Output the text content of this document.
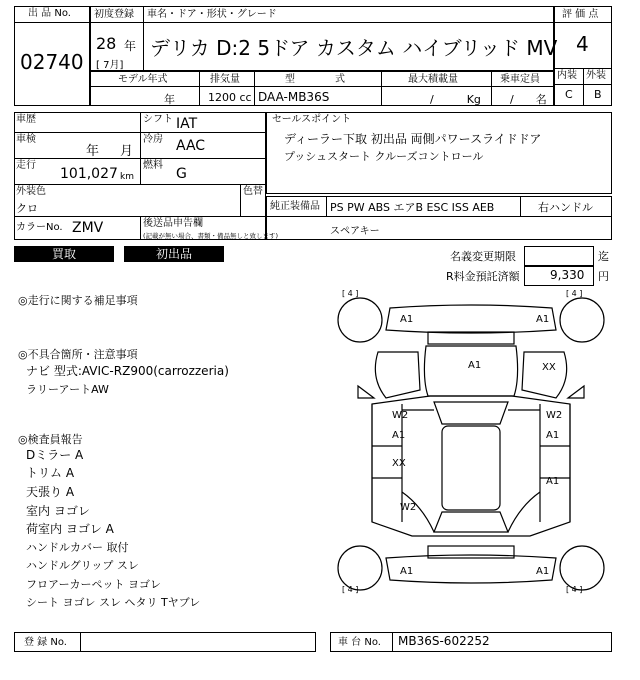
出 品 No.
02740
初度登録 車名・ドア・形状・グレード
28 年
[ 7月]
デリカ D:2 5ドア カスタム ハイブリッド MV
評 価 点
4
内装 外装
C B
モデル年式	排気量	型　　　　式	最大積載量	乗車定員
年	1200 cc DAA-MB36S	/　　　Kg	/　　名
車歴
車検
年 月
走行
101,027 km
シフト IAT
冷房 AAC
燃料
G
外装色
クロ
色替
カラーNo. ZMV	後送品申告欄
(記載が無い場合、書類・備品無しと致します)
セールスポイント
ディーラー下取 初出品 両側パワースライドドア
プッシュスタート クルーズコントロール
純正装備品 PS PW ABS エアB ESC ISS AEB	右ハンドル
スペアキー
買取	初出品	名義変更期限	迄
R料金預託済額	9,330 円
◎走行に関する補足事項
◎不具合箇所・注意事項
ナビ 型式:AVIC-RZ900(carrozzeria)
ラリーアートAW
◎検査員報告
Dミラー A
トリム A
天張り A
室内 ヨゴレ
荷室内 ヨゴレ A
ハンドルカバー 取付
ハンドルグリップ スレ
フロアーカーペット ヨゴレ
シート ヨゴレ スレ ヘタリ Tヤブレ
[ 4 ]	[ 4 ]
[ 4 ]	[ 4 ]
A1	A1
A1	XX
W2
A1
W2
A1
XX
A1
W2
A1	A1
登 録 No.	車 台 No. MB36S-602252
